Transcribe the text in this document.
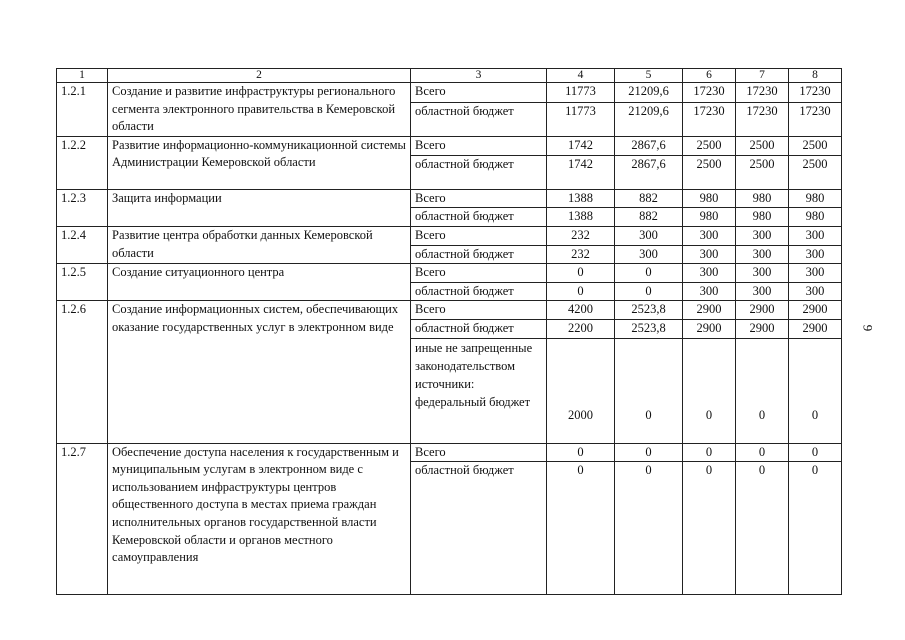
1	2	3	4	5	6	7	8
1.2.1	Создание и развитие инфраструктуры регионального сегмента электронного правительства в Кемеровской области	Всего	11773	21209,6	17230	17230	17230
		областной бюджет	11773	21209,6	17230	17230	17230
1.2.2	Развитие информационно-коммуникационной системы Администрации Кемеровской области	Всего	1742	2867,6	2500	2500	2500
		областной бюджет	1742	2867,6	2500	2500	2500
1.2.3	Защита информации	Всего	1388	882	980	980	980
		областной бюджет	1388	882	980	980	980
1.2.4	Развитие центра обработки данных Кемеровской области	Всего	232	300	300	300	300
		областной бюджет	232	300	300	300	300
1.2.5	Создание ситуационного центра	Всего	0	0	300	300	300
		областной бюджет	0	0	300	300	300
1.2.6	Создание информационных систем, обеспечивающих оказание государственных услуг в электронном виде	Всего	4200	2523,8	2900	2900	2900
		областной бюджет	2200	2523,8	2900	2900	2900
		иные не запрещенные законодательством источники: федеральный бюджет	2000	0	0	0	0
1.2.7	Обеспечение доступа населения к государственным и муниципальным услугам в электронном виде с использованием инфраструктуры центров общественного доступа в местах приема граждан исполнительных органов государственной власти Кемеровской области и органов местного самоуправления	Всего	0	0	0	0	0
		областной бюджет	0	0	0	0	0
9
